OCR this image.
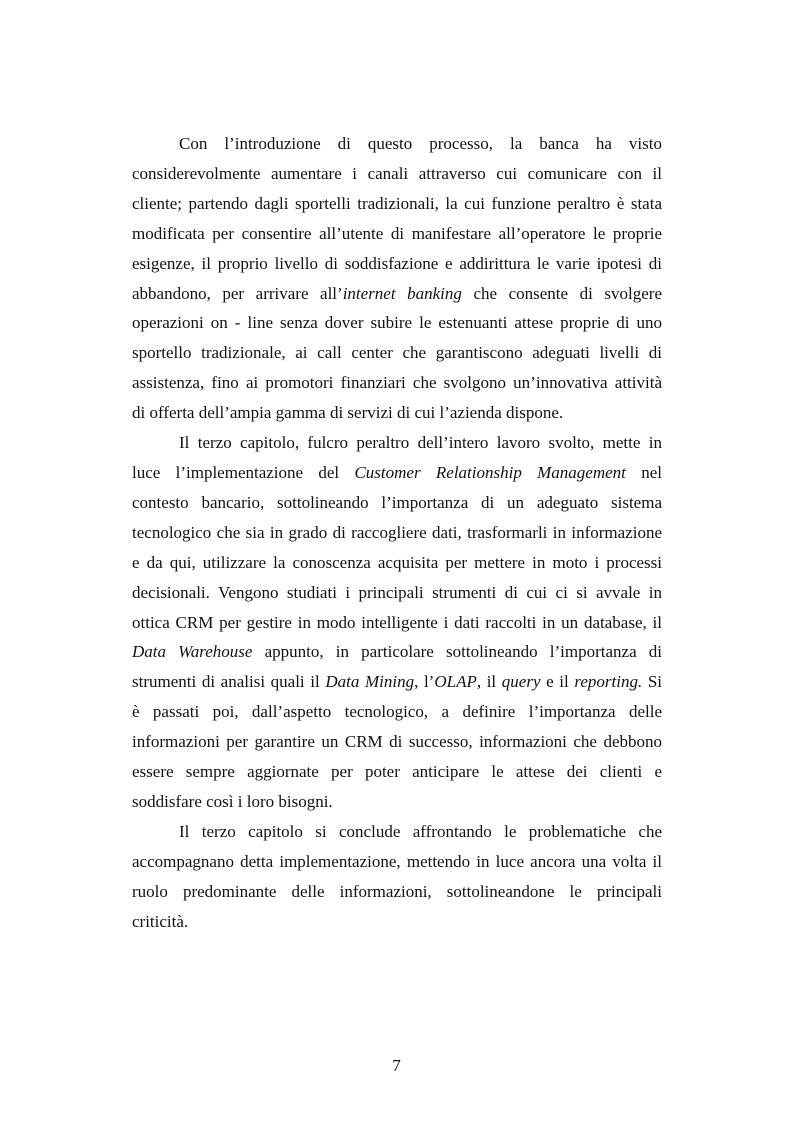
Con l’introduzione di questo processo, la banca ha visto
considerevolmente aumentare i canali attraverso cui comunicare con il
cliente; partendo dagli sportelli tradizionali, la cui funzione peraltro è stata
modificata per consentire all’utente di manifestare all’operatore le proprie
esigenze, il proprio livello di soddisfazione e addirittura le varie ipotesi di
abbandono, per arrivare all’internet banking che consente di svolgere
operazioni on - line senza dover subire le estenuanti attese proprie di uno
sportello tradizionale, ai call center che garantiscono adeguati livelli di
assistenza, fino ai promotori finanziari che svolgono un’innovativa attività
di offerta dell’ampia gamma di servizi di cui l’azienda dispone.

Il terzo capitolo, fulcro peraltro dell’intero lavoro svolto, mette in
luce l’implementazione del Customer Relationship Management nel
contesto bancario, sottolineando l’importanza di un adeguato sistema
tecnologico che sia in grado di raccogliere dati, trasformarli in informazione
e da qui, utilizzare la conoscenza acquisita per mettere in moto i processi
decisionali. Vengono studiati i principali strumenti di cui ci si avvale in
ottica CRM per gestire in modo intelligente i dati raccolti in un database, il
Data Warehouse appunto, in particolare sottolineando l’importanza di
strumenti di analisi quali il Data Mining, l’OLAP, il query e il reporting. Si
è passati poi, dall’aspetto tecnologico, a definire l’importanza delle
informazioni per garantire un CRM di successo, informazioni che debbono
essere sempre aggiornate per poter anticipare le attese dei clienti e
soddisfare così i loro bisogni.

Il terzo capitolo si conclude affrontando le problematiche che
accompagnano detta implementazione, mettendo in luce ancora una volta il
ruolo predominante delle informazioni, sottolineandone le principali
criticità.

7
